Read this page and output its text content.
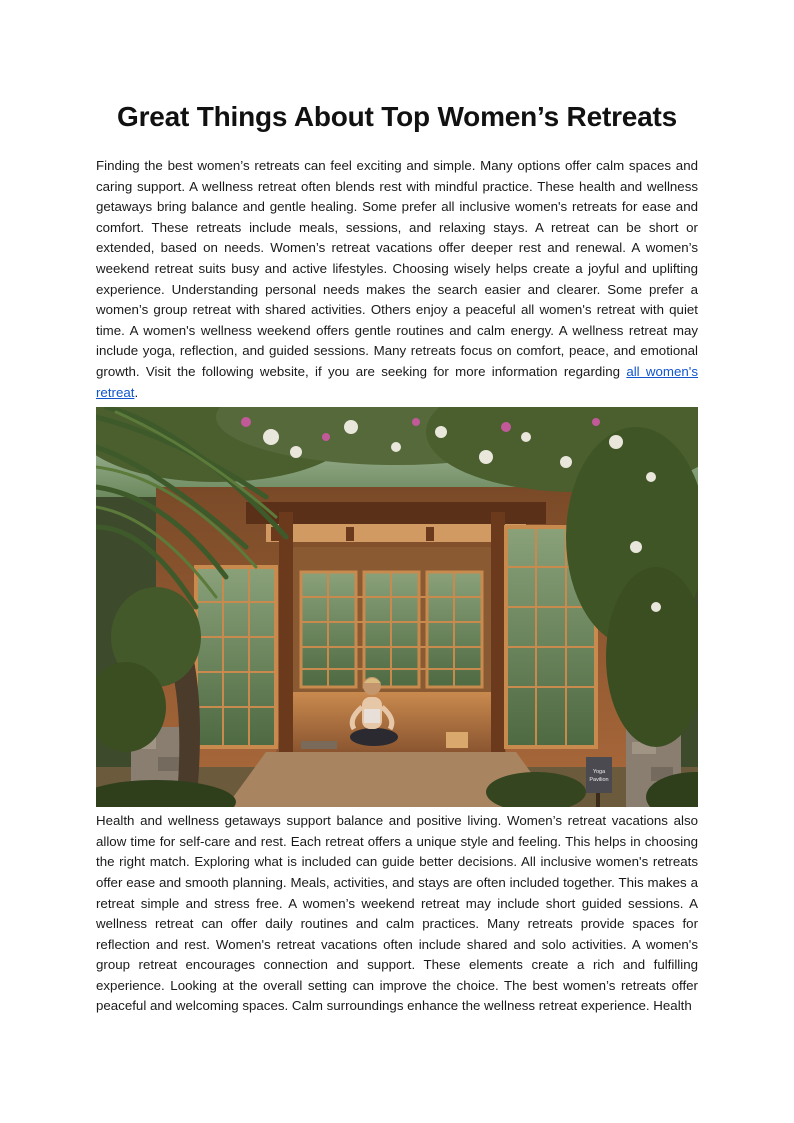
Great Things About Top Women’s Retreats

Finding the best women’s retreats can feel exciting and simple. Many options offer calm spaces and caring support. A wellness retreat often blends rest with mindful practice. These health and wellness getaways bring balance and gentle healing. Some prefer all inclusive women's retreats for ease and comfort. These retreats include meals, sessions, and relaxing stays. A retreat can be short or extended, based on needs. Women’s retreat vacations offer deeper rest and renewal. A women’s weekend retreat suits busy and active lifestyles. Choosing wisely helps create a joyful and uplifting experience. Understanding personal needs makes the search easier and clearer. Some prefer a women’s group retreat with shared activities. Others enjoy a peaceful all women's retreat with quiet time. A women's wellness weekend offers gentle routines and calm energy. A wellness retreat may include yoga, reflection, and guided sessions. Many retreats focus on comfort, peace, and emotional growth. Visit the following website, if you are seeking for more information regarding all women's retreat.

Yoga
Pavilion

Health and wellness getaways support balance and positive living. Women’s retreat vacations also allow time for self-care and rest. Each retreat offers a unique style and feeling. This helps in choosing the right match. Exploring what is included can guide better decisions. All inclusive women's retreats offer ease and smooth planning. Meals, activities, and stays are often included together. This makes a retreat simple and stress free. A women’s weekend retreat may include short guided sessions. A wellness retreat can offer daily routines and calm practices. Many retreats provide spaces for reflection and rest. Women's retreat vacations often include shared and solo activities. A women's group retreat encourages connection and support. These elements create a rich and fulfilling experience. Looking at the overall setting can improve the choice. The best women’s retreats offer peaceful and welcoming spaces. Calm surroundings enhance the wellness retreat experience. Health
